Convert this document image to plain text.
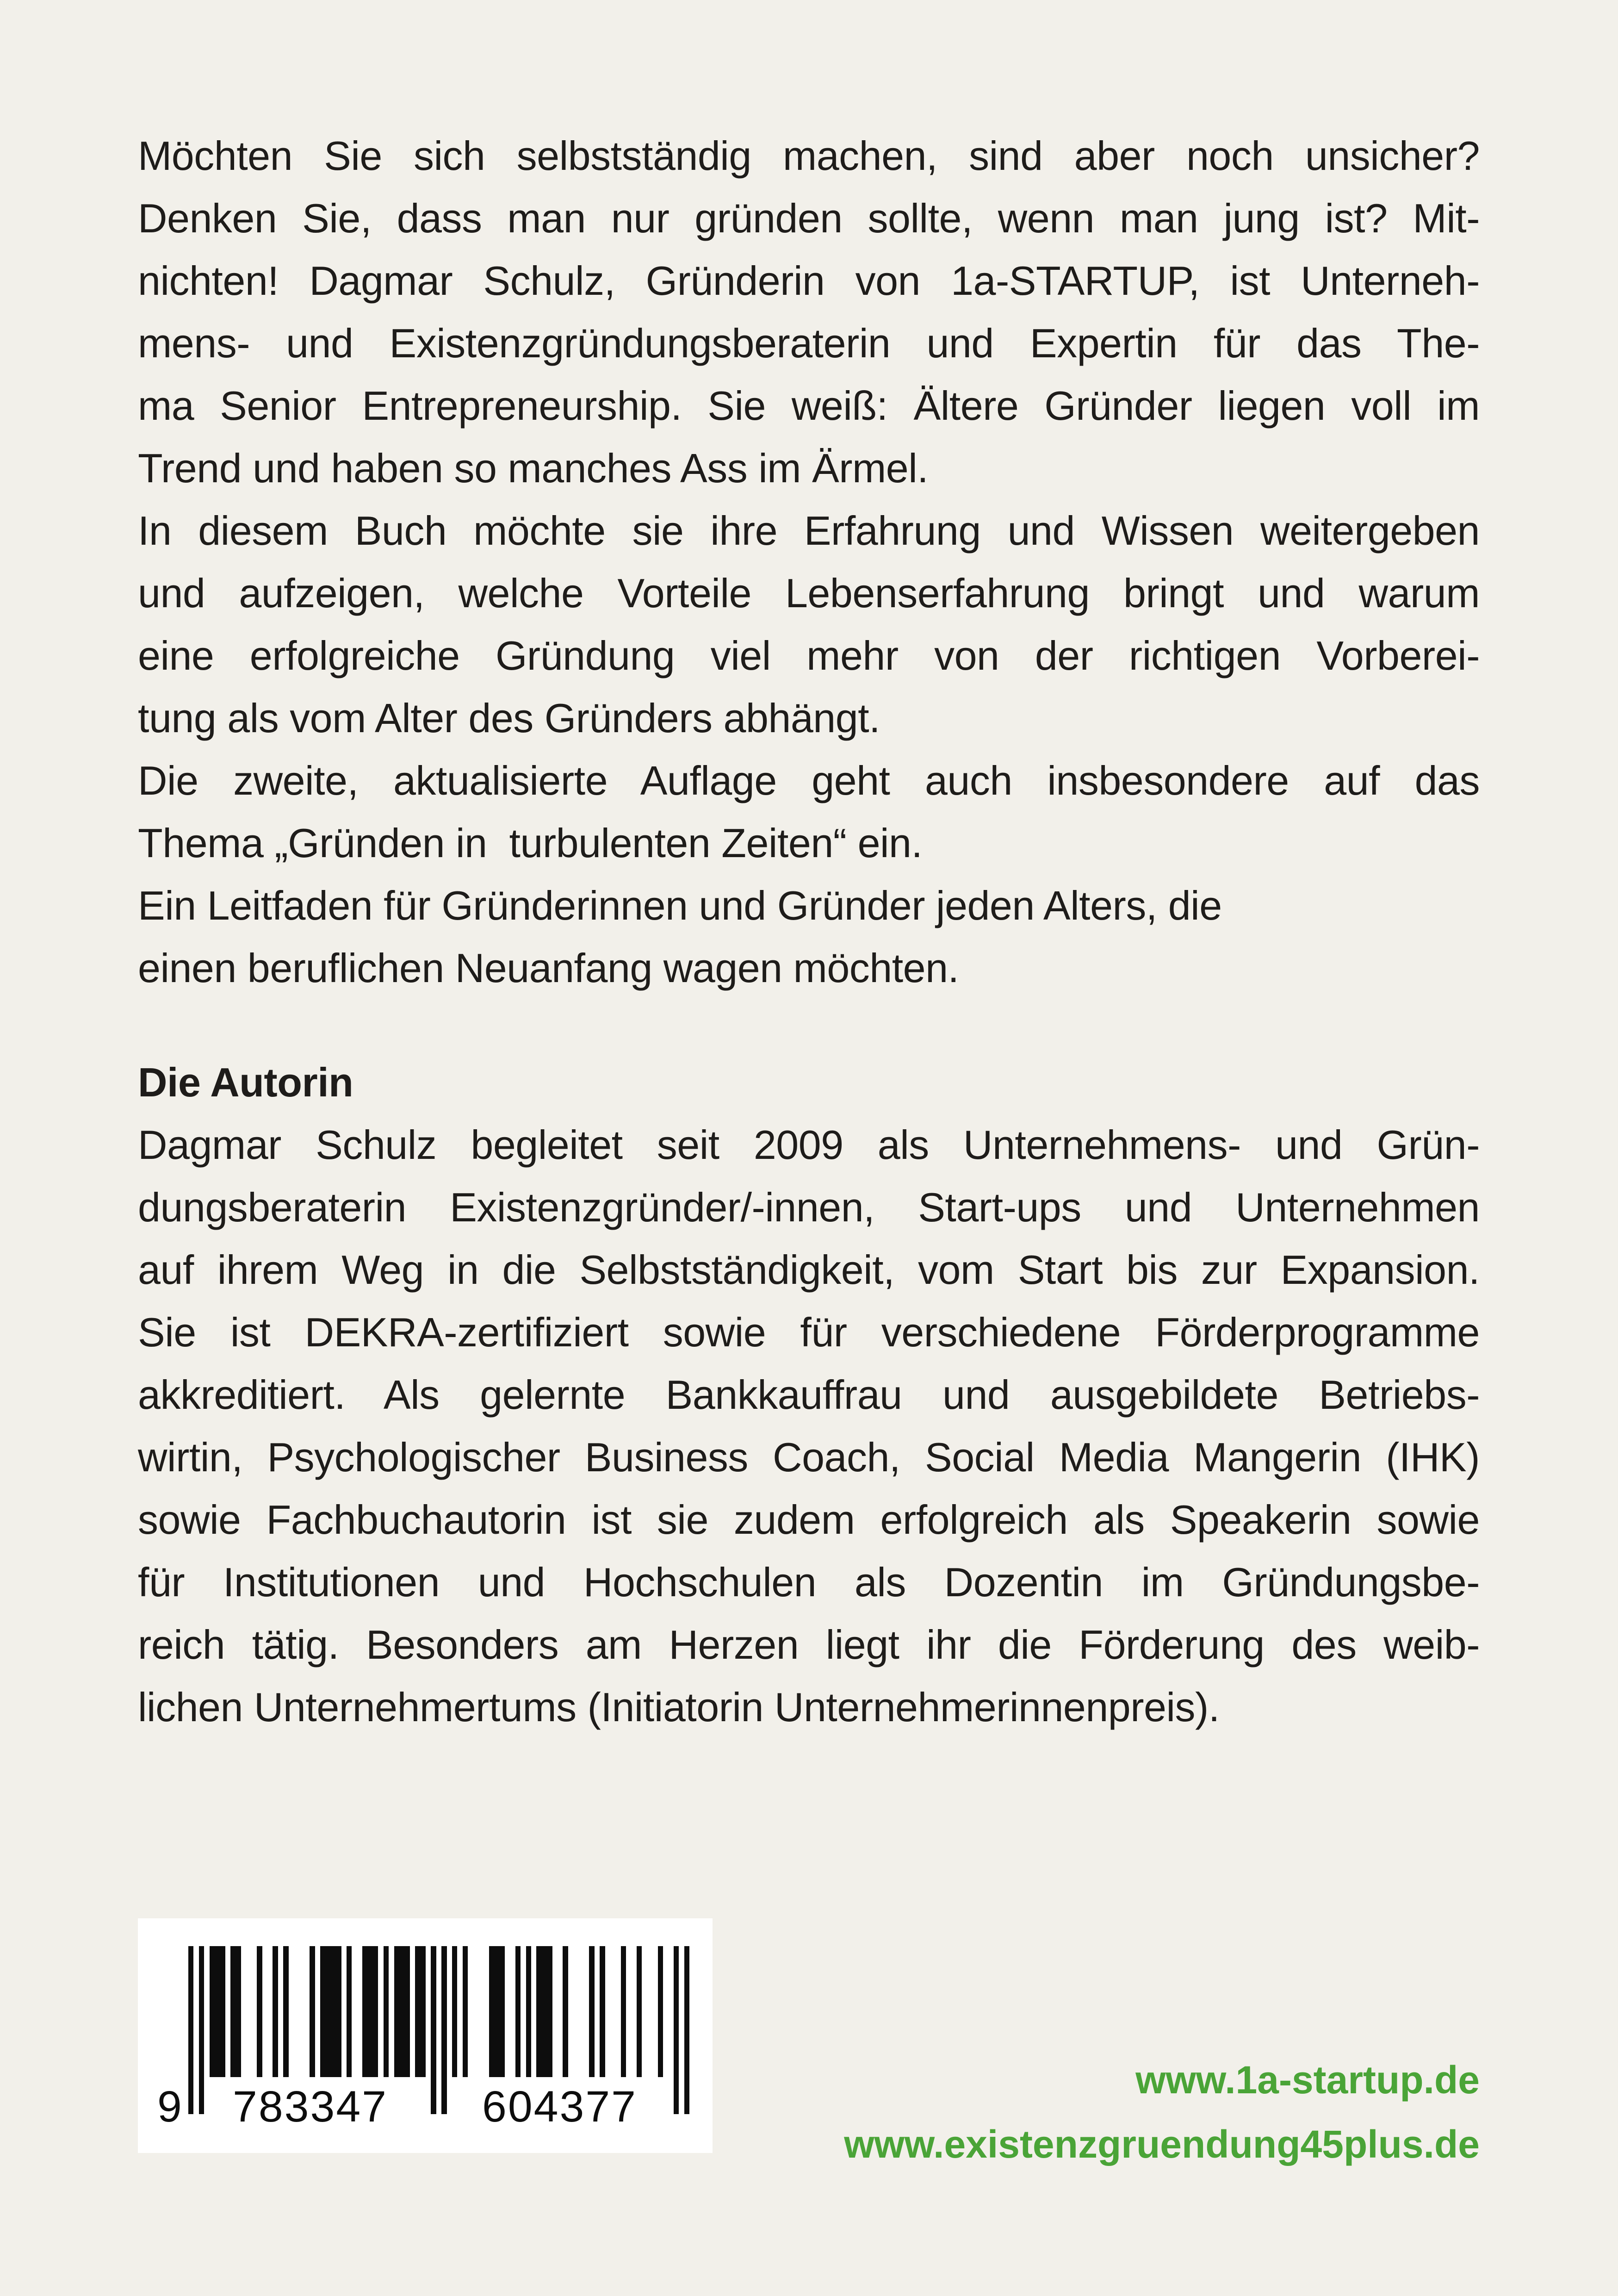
Möchten Sie sich selbstständig machen, sind aber noch unsicher?
Denken Sie, dass man nur gründen sollte, wenn man jung ist? Mit-
nichten! Dagmar Schulz, Gründerin von 1a-STARTUP, ist Unterneh-
mens- und Existenzgründungsberaterin und Expertin für das The-
ma Senior Entrepreneurship. Sie weiß: Ältere Gründer liegen voll im
Trend und haben so manches Ass im Ärmel.
In diesem Buch möchte sie ihre Erfahrung und Wissen weitergeben
und aufzeigen, welche Vorteile Lebenserfahrung bringt und warum
eine erfolgreiche Gründung viel mehr von der richtigen Vorberei-
tung als vom Alter des Gründers abhängt.
Die zweite, aktualisierte Auflage geht auch insbesondere auf das
Thema „Gründen in  turbulenten Zeiten“ ein.
Ein Leitfaden für Gründerinnen und Gründer jeden Alters, die
einen beruflichen Neuanfang wagen möchten.
Die Autorin
Dagmar Schulz begleitet seit 2009 als Unternehmens- und Grün-
dungsberaterin Existenzgründer/-innen, Start-ups und Unternehmen
auf ihrem Weg in die Selbstständigkeit, vom Start bis zur Expansion.
Sie ist DEKRA-zertifiziert sowie für verschiedene Förderprogramme
akkreditiert. Als gelernte Bankkauffrau und ausgebildete Betriebs-
wirtin, Psychologischer Business Coach, Social Media Mangerin (IHK)
sowie Fachbuchautorin ist sie zudem erfolgreich als Speakerin sowie
für Institutionen und Hochschulen als Dozentin im Gründungsbe-
reich tätig. Besonders am Herzen liegt ihr die Förderung des weib-
lichen Unternehmertums (Initiatorin Unternehmerinnenpreis).
9 783347 604377
www.1a-startup.de
www.existenzgruendung45plus.de
